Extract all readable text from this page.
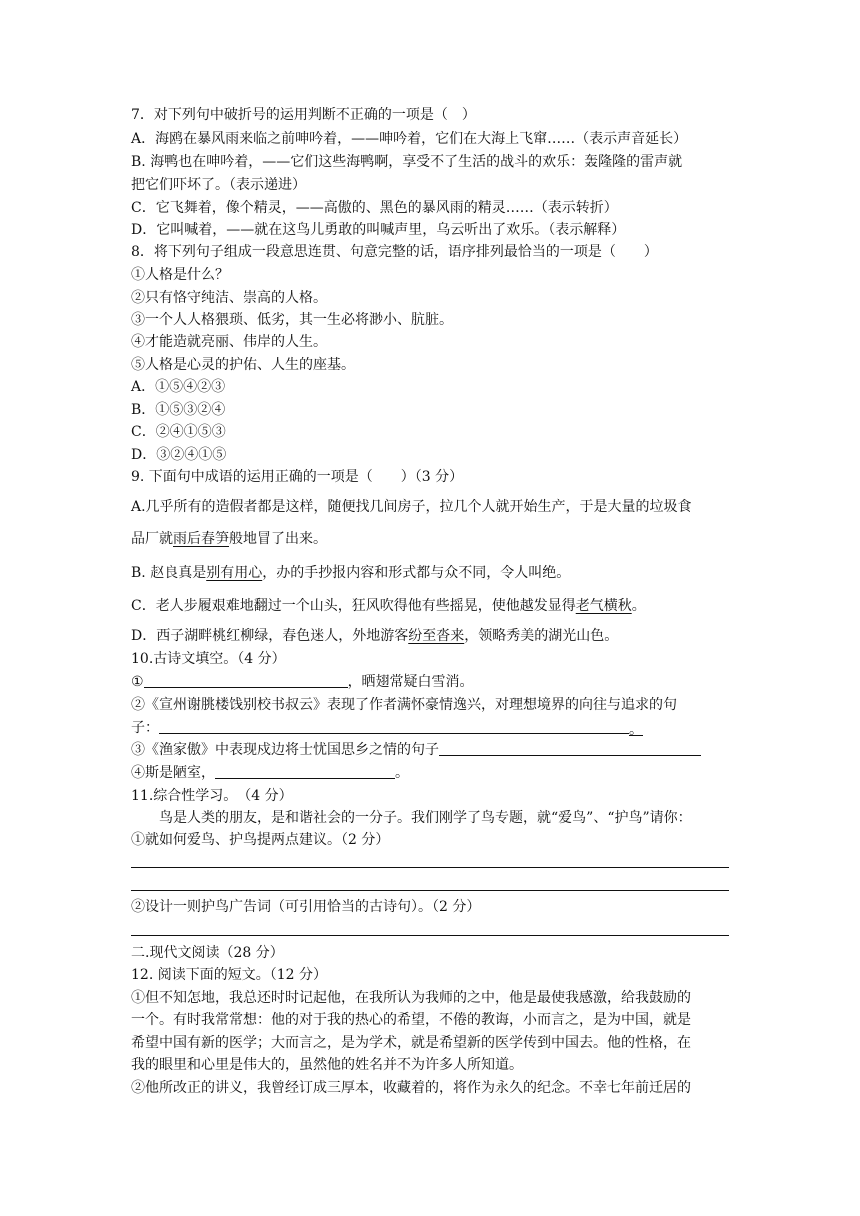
7．对下列句中破折号的运用判断不正确的一项是（　）
A．海鸥在暴风雨来临之前呻吟着，——呻吟着，它们在大海上飞窜……（表示声音延长）
B. 海鸭也在呻吟着，——它们这些海鸭啊，享受不了生活的战斗的欢乐：轰隆隆的雷声就
把它们吓坏了。（表示递进）
C．它飞舞着，像个精灵，——高傲的、黑色的暴风雨的精灵……（表示转折）
D．它叫喊着，——就在这鸟儿勇敢的叫喊声里，乌云听出了欢乐。（表示解释）
8．将下列句子组成一段意思连贯、句意完整的话，语序排列最恰当的一项是（　　）
①人格是什么？
②只有恪守纯洁、崇高的人格。
③一个人人格猥琐、低劣，其一生必将渺小、肮脏。
④才能造就亮丽、伟岸的人生。
⑤人格是心灵的护佑、人生的座基。
A．①⑤④②③
B．①⑤③②④
C．②④①⑤③
D．③②④①⑤
9. 下面句中成语的运用正确的一项是（　　）（3 分）
A.几乎所有的造假者都是这样，随便找几间房子，拉几个人就开始生产，于是大量的垃圾食
品厂就雨后春笋般地冒了出来。
B. 赵良真是别有用心，办的手抄报内容和形式都与众不同，令人叫绝。
C．老人步履艰难地翻过一个山头，狂风吹得他有些摇晃，使他越发显得老气横秋。
D．西子湖畔桃红柳绿，春色迷人，外地游客纷至沓来，领略秀美的湖光山色。
10.古诗文填空。（4 分）
①	，晒翅常疑白雪消。
②《宣州谢朓楼饯别校书叔云》表现了作者满怀豪情逸兴，对理想境界的向往与追求的句
子：	。
③《渔家傲》中表现戍边将士忧国思乡之情的句子
④斯是陋室，	。
11.综合性学习。　（4 分）
鸟是人类的朋友，是和谐社会的一分子。我们刚学了鸟专题，就“爱鸟”、“护鸟”请你：
①就如何爱鸟、护鸟提两点建议。（2 分）
②设计一则护鸟广告词（可引用恰当的古诗句）。（2 分）
二.现代文阅读（28 分）
12. 阅读下面的短文。（12 分）
①但不知怎地，我总还时时记起他，在我所认为我师的之中，他是最使我感激，给我鼓励的
一个。有时我常常想：他的对于我的热心的希望，不倦的教诲，小而言之，是为中国，就是
希望中国有新的医学；大而言之，是为学术，就是希望新的医学传到中国去。他的性格，在
我的眼里和心里是伟大的，虽然他的姓名并不为许多人所知道。
②他所改正的讲义，我曾经订成三厚本，收藏着的，将作为永久的纪念。不幸七年前迁居的
